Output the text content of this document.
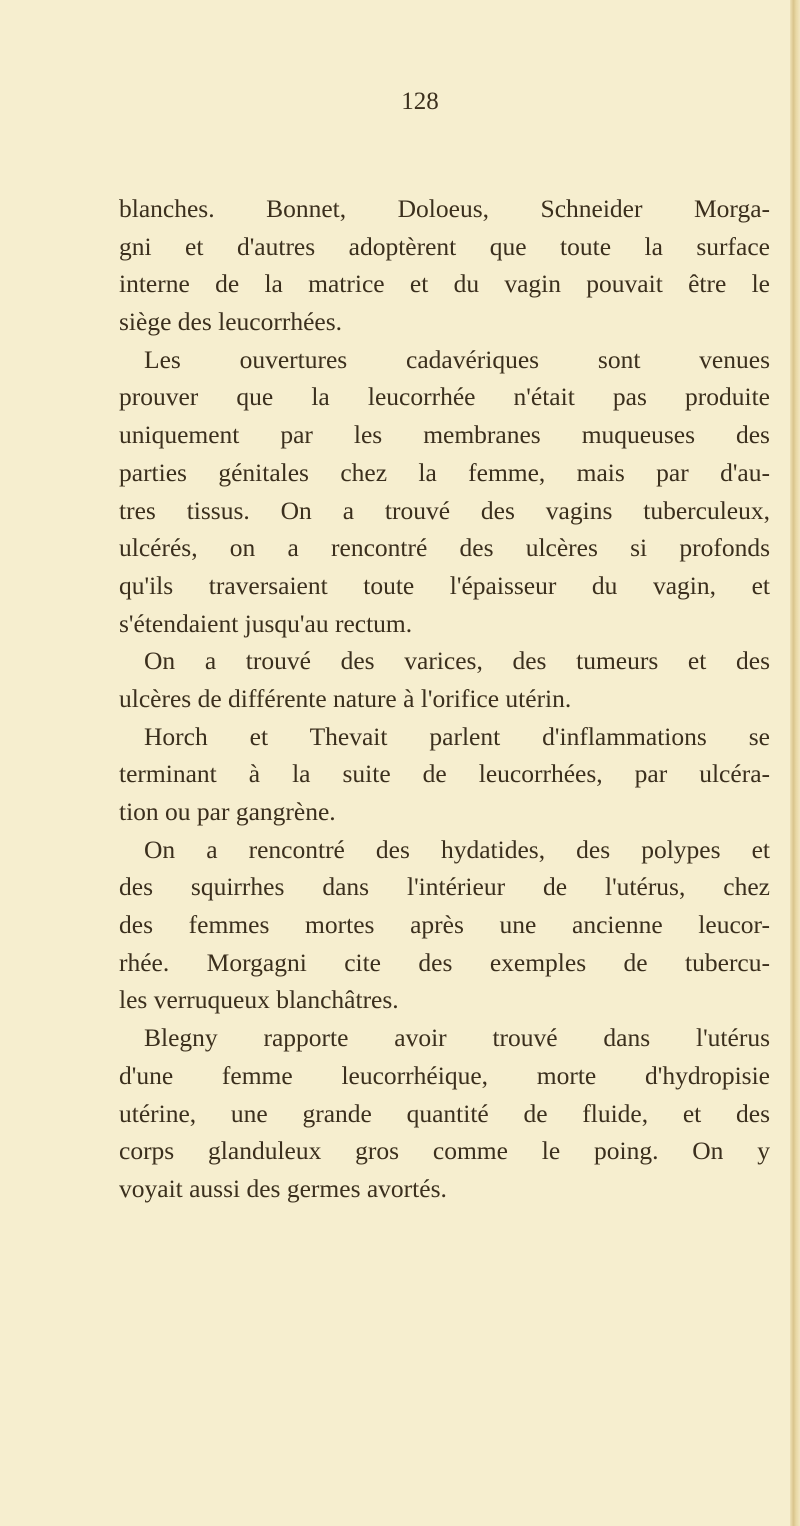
128
blanches. Bonnet, Doloeus, Schneider Morga-
gni et d'autres adoptèrent que toute la surface
interne de la matrice et du vagin pouvait être le
siège des leucorrhées.
Les ouvertures cadavériques sont venues
prouver que la leucorrhée n'était pas produite
uniquement par les membranes muqueuses des
parties génitales chez la femme, mais par d'au-
tres tissus. On a trouvé des vagins tuberculeux,
ulcérés, on a rencontré des ulcères si profonds
qu'ils traversaient toute l'épaisseur du vagin, et
s'étendaient jusqu'au rectum.
On a trouvé des varices, des tumeurs et des
ulcères de différente nature à l'orifice utérin.
Horch et Thevait parlent d'inflammations se
terminant à la suite de leucorrhées, par ulcéra-
tion ou par gangrène.
On a rencontré des hydatides, des polypes et
des squirrhes dans l'intérieur de l'utérus, chez
des femmes mortes après une ancienne leucor-
rhée. Morgagni cite des exemples de tubercu-
les verruqueux blanchâtres.
Blegny rapporte avoir trouvé dans l'utérus
d'une femme leucorrhéique, morte d'hydropisie
utérine, une grande quantité de fluide, et des
corps glanduleux gros comme le poing. On y
voyait aussi des germes avortés.
